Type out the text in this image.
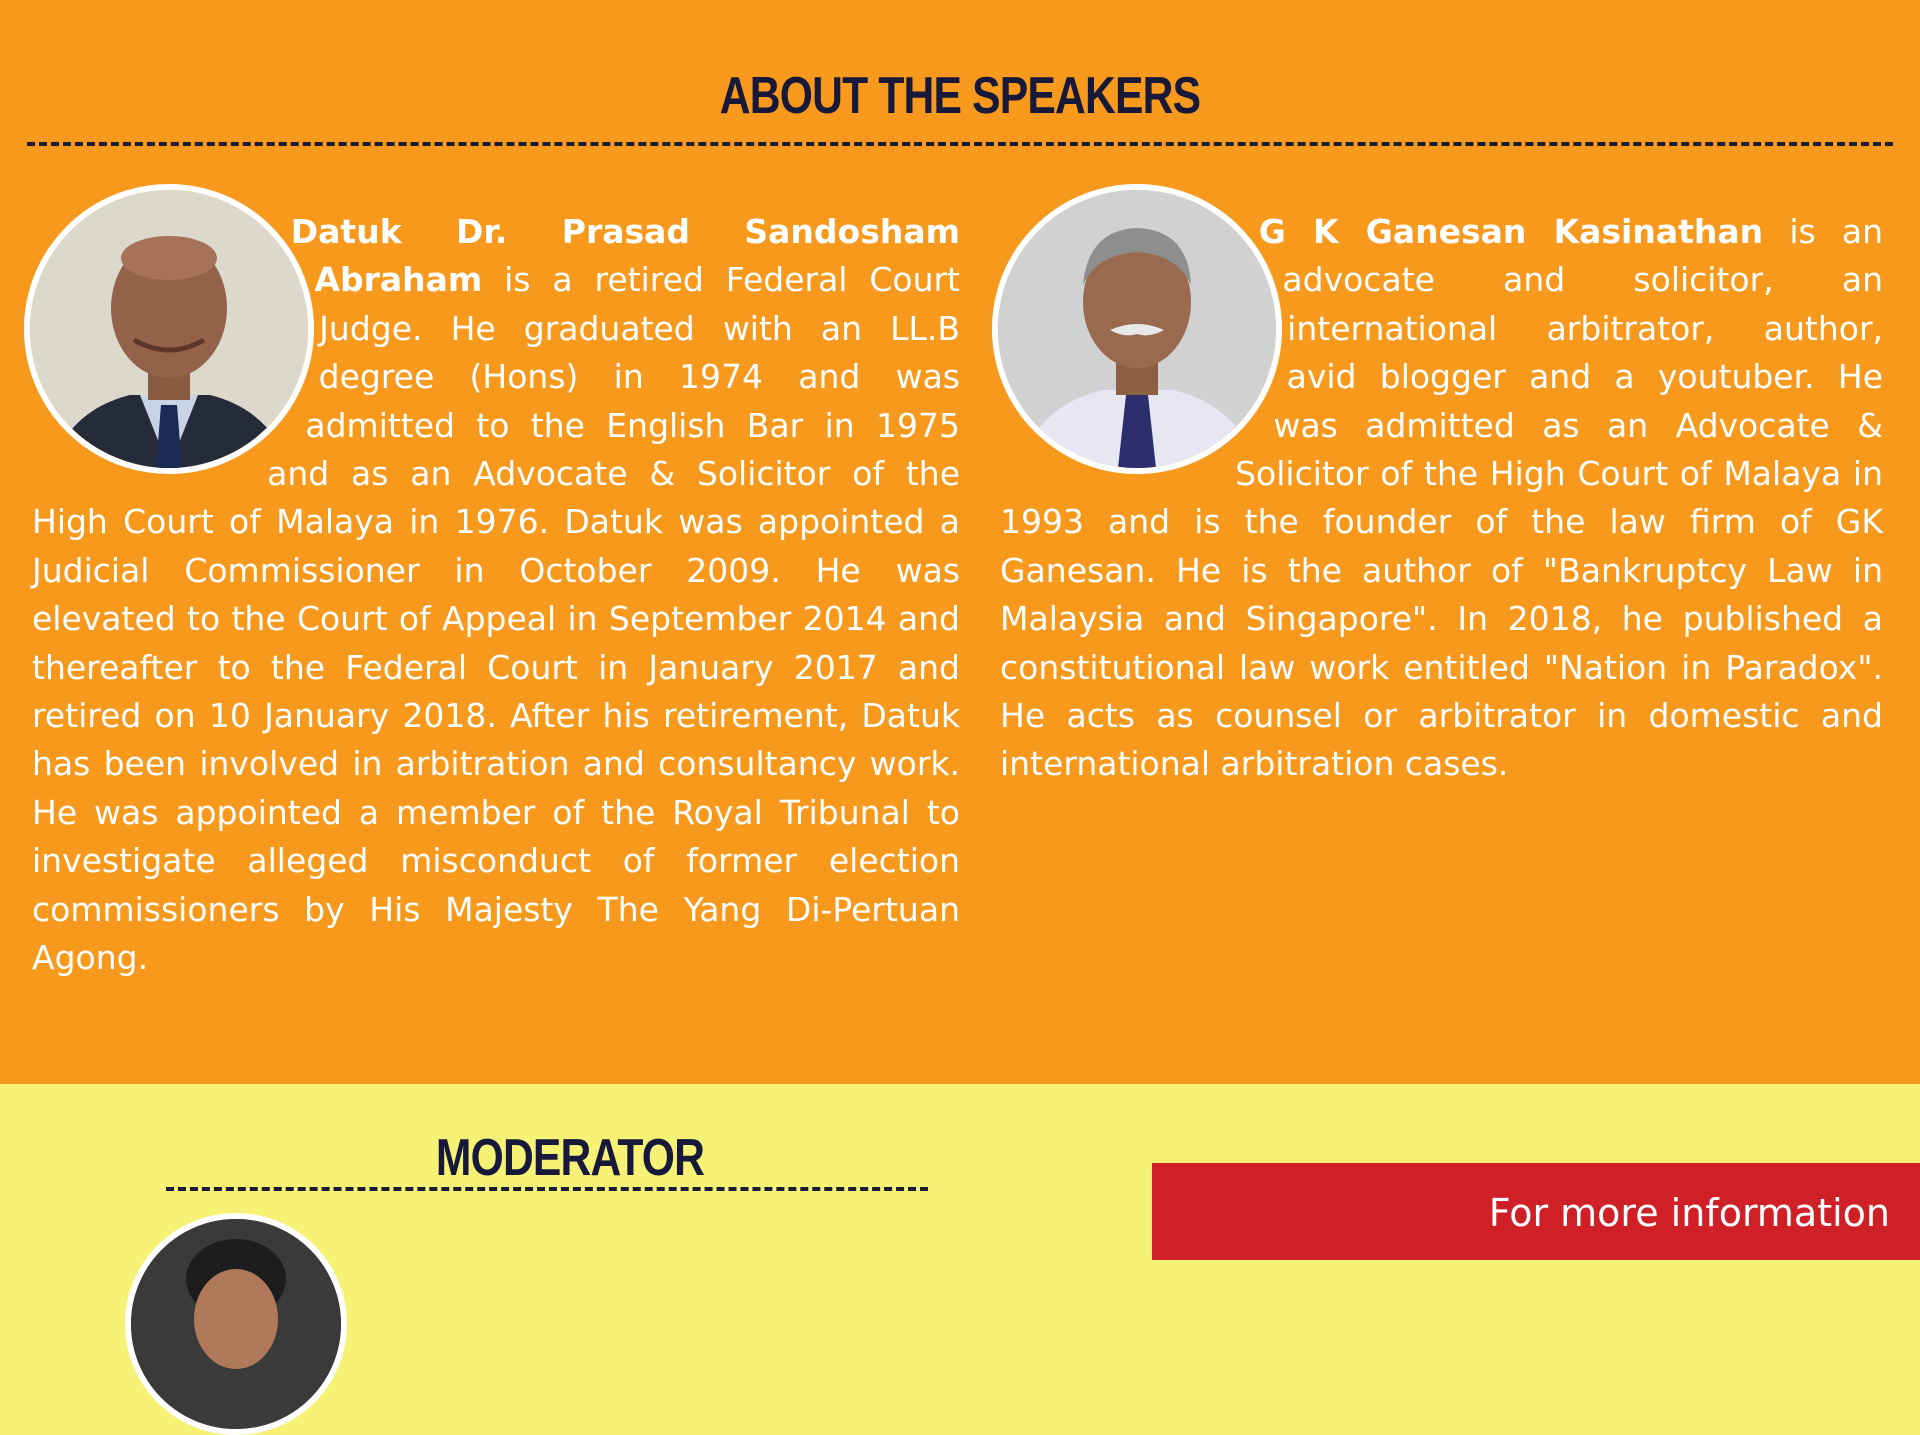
ABOUT THE SPEAKERS

Datuk Dr. Prasad Sandosham Abraham is a retired Federal Court Judge. He graduated with an LL.B degree (Hons) in 1974 and was admitted to the English Bar in 1975 and as an Advocate & Solicitor of the High Court of Malaya in 1976. Datuk was appointed a Judicial Commissioner in October 2009. He was elevated to the Court of Appeal in September 2014 and thereafter to the Federal Court in January 2017 and retired on 10 January 2018. After his retirement, Datuk has been involved in arbitration and consultancy work. He was appointed a member of the Royal Tribunal to investigate alleged misconduct of former election commissioners by His Majesty The Yang Di-Pertuan Agong.

G K Ganesan Kasinathan is an advocate and solicitor, an international arbitrator, author, avid blogger and a youtuber. He was admitted as an Advocate & Solicitor of the High Court of Malaya in 1993 and is the founder of the law firm of GK Ganesan. He is the author of "Bankruptcy Law in Malaysia and Singapore". In 2018, he published a constitutional law work entitled "Nation in Paradox". He acts as counsel or arbitrator in domestic and international arbitration cases.

MODERATOR

For more information
